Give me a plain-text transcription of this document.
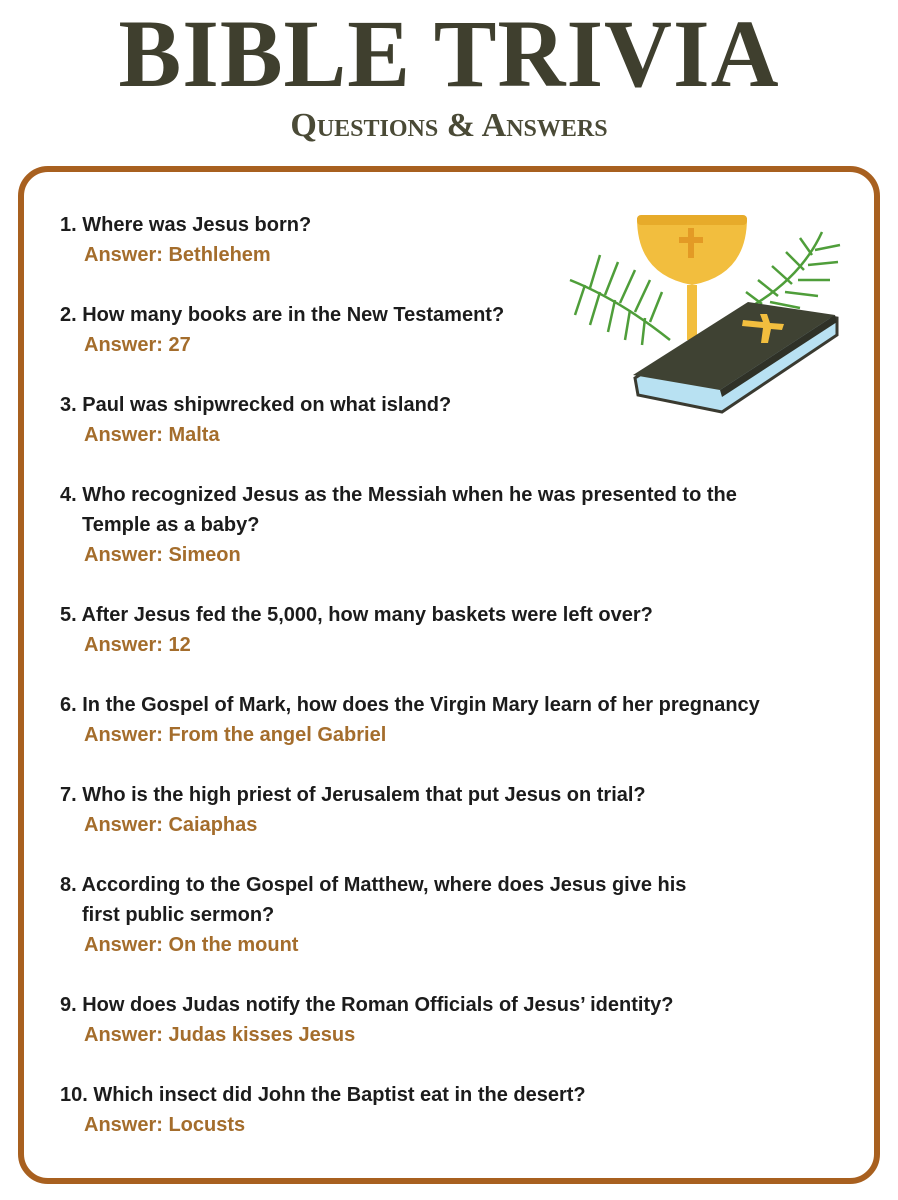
BIBLE TRIVIA
Questions & Answers
1. Where was Jesus born?
Answer: Bethlehem
2. How many books are in the New Testament?
Answer: 27
3. Paul was shipwrecked on what island?
Answer: Malta
4. Who recognized Jesus as the Messiah when he was presented to the
Temple as a baby?
Answer: Simeon
5. After Jesus fed the 5,000, how many baskets were left over?
Answer: 12
6. In the Gospel of Mark, how does the Virgin Mary learn of her pregnancy
Answer: From the angel Gabriel
7. Who is the high priest of Jerusalem that put Jesus on trial?
Answer: Caiaphas
8. According to the Gospel of Matthew, where does Jesus give his
first public sermon?
Answer: On the mount
9. How does Judas notify the Roman Officials of Jesus’ identity?
Answer: Judas kisses Jesus
10. Which insect did John the Baptist eat in the desert?
Answer: Locusts
